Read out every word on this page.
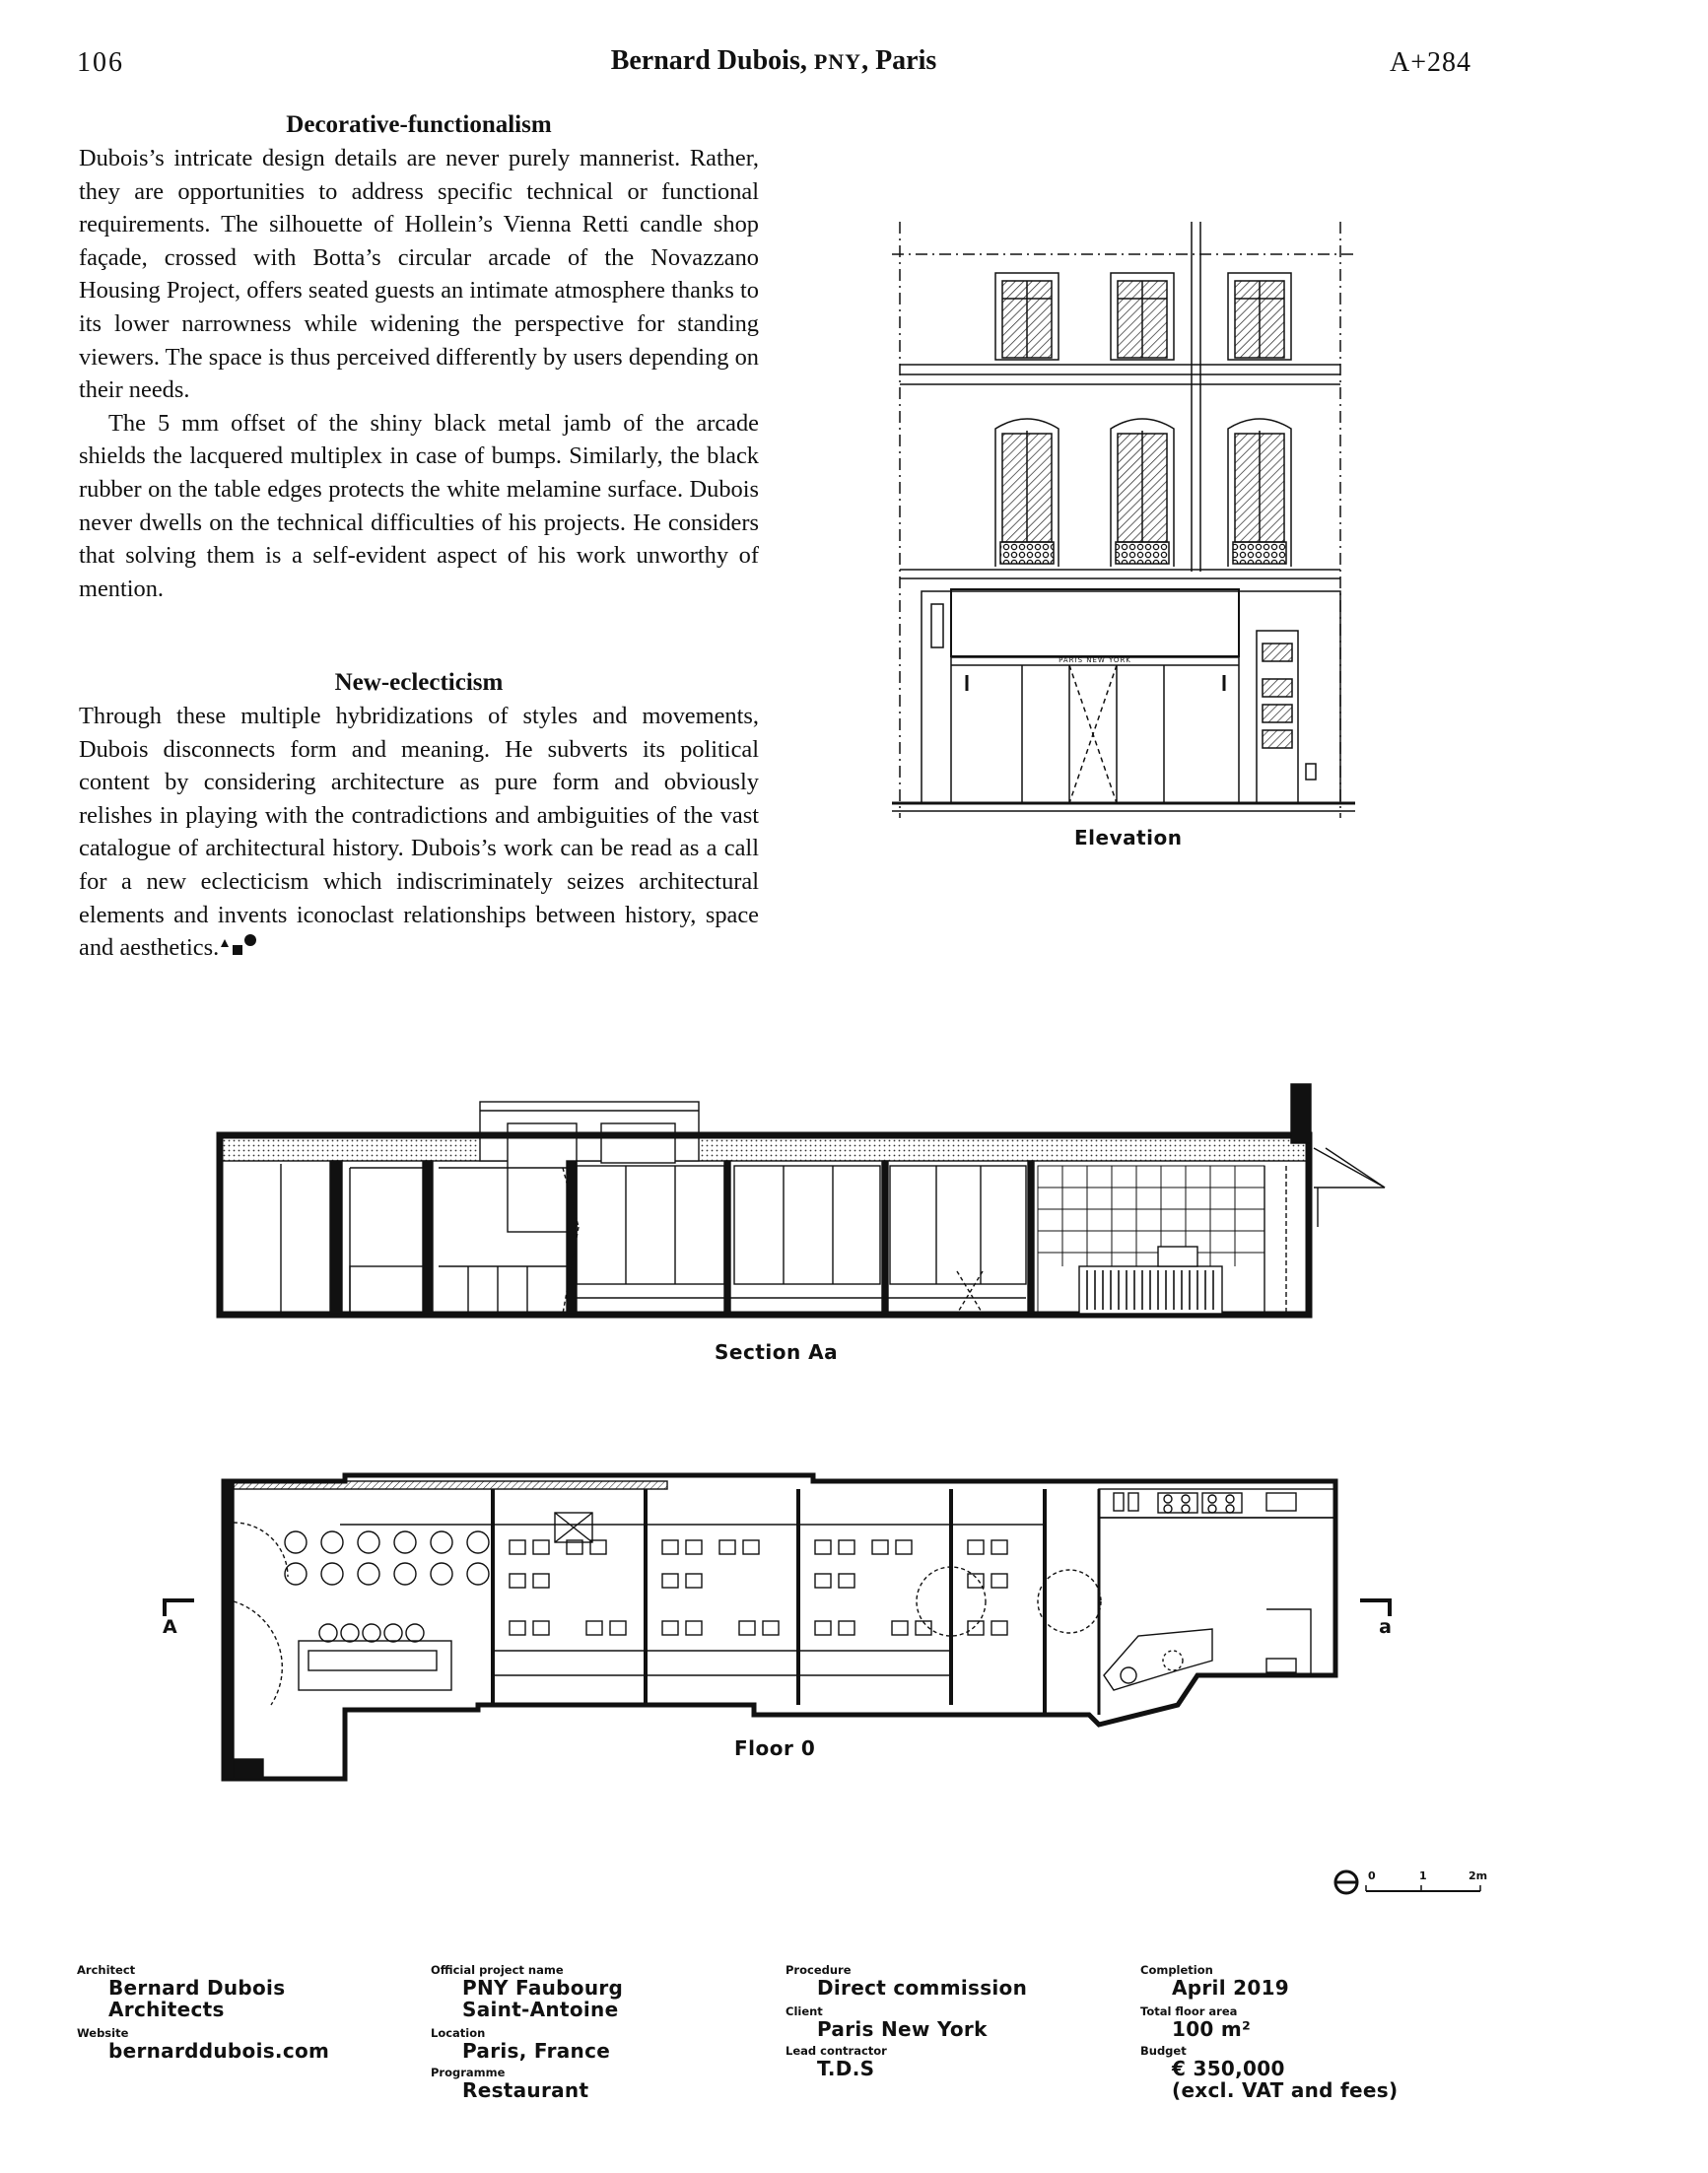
106	Bernard Dubois, PNY, Paris	A+284
Decorative-functionalism

Dubois’s intricate design details are never purely mannerist. Rather, they are opportunities to address specific technical or functional requirements. The silhouette of Hollein’s Vienna Retti candle shop façade, crossed with Botta’s circular arcade of the Novazzano Housing Project, offers seated guests an intimate atmosphere thanks to its lower narrowness while widening the perspective for standing viewers. The space is thus perceived differently by users depending on their needs.

The 5 mm offset of the shiny black metal jamb of the arcade shields the lacquered multiplex in case of bumps. Similarly, the black rubber on the table edges protects the white melamine surface. Dubois never dwells on the technical difficulties of his projects. He considers that solving them is a self-evident aspect of his work unworthy of mention.

New-eclecticism

Through these multiple hybridizations of styles and movements, Dubois disconnects form and meaning. He subverts its political content by considering architecture as pure form and obviously relishes in playing with the contradictions and ambiguities of the vast catalogue of architectural history. Dubois’s work can be read as a call for a new eclecticism which indiscriminately seizes architectural elements and invents iconoclast relationships between history, space and aesthetics.

PARIS NEW YORK
Elevation
Section Aa
A	a
Floor 0
0	1	2m
Architect
Bernard Dubois
Architects
Website
bernarddubois.com
Official project name
PNY Faubourg
Saint-Antoine
Location
Paris, France
Programme
Restaurant
Procedure
Direct commission
Client
Paris New York
Lead contractor
T.D.S
Completion
April 2019
Total floor area
100 m²
Budget
€ 350,000
(excl. VAT and fees)
